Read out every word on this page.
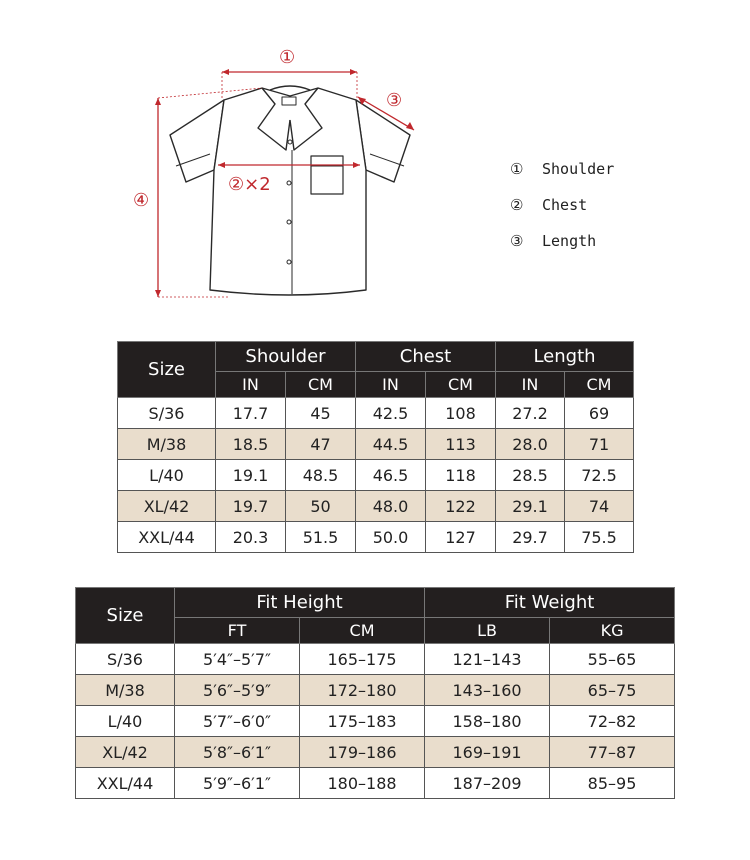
①
②×2
③
④
①	Shoulder
②	Chest
③	Length
Size	Shoulder		Chest		Length	
	IN	CM	IN	CM	IN	CM
S/36	17.7	45	42.5	108	27.2	69
M/38	18.5	47	44.5	113	28.0	71
L/40	19.1	48.5	46.5	118	28.5	72.5
XL/42	19.7	50	48.0	122	29.1	74
XXL/44	20.3	51.5	50.0	127	29.7	75.5
Size	Fit Height		Fit Weight	
	FT	CM	LB	KG
S/36	5′4″–5′7″	165–175	121–143	55–65
M/38	5′6″–5′9″	172–180	143–160	65–75
L/40	5′7″–6′0″	175–183	158–180	72–82
XL/42	5′8″–6′1″	179–186	169–191	77–87
XXL/44	5′9″–6′1″	180–188	187–209	85–95
